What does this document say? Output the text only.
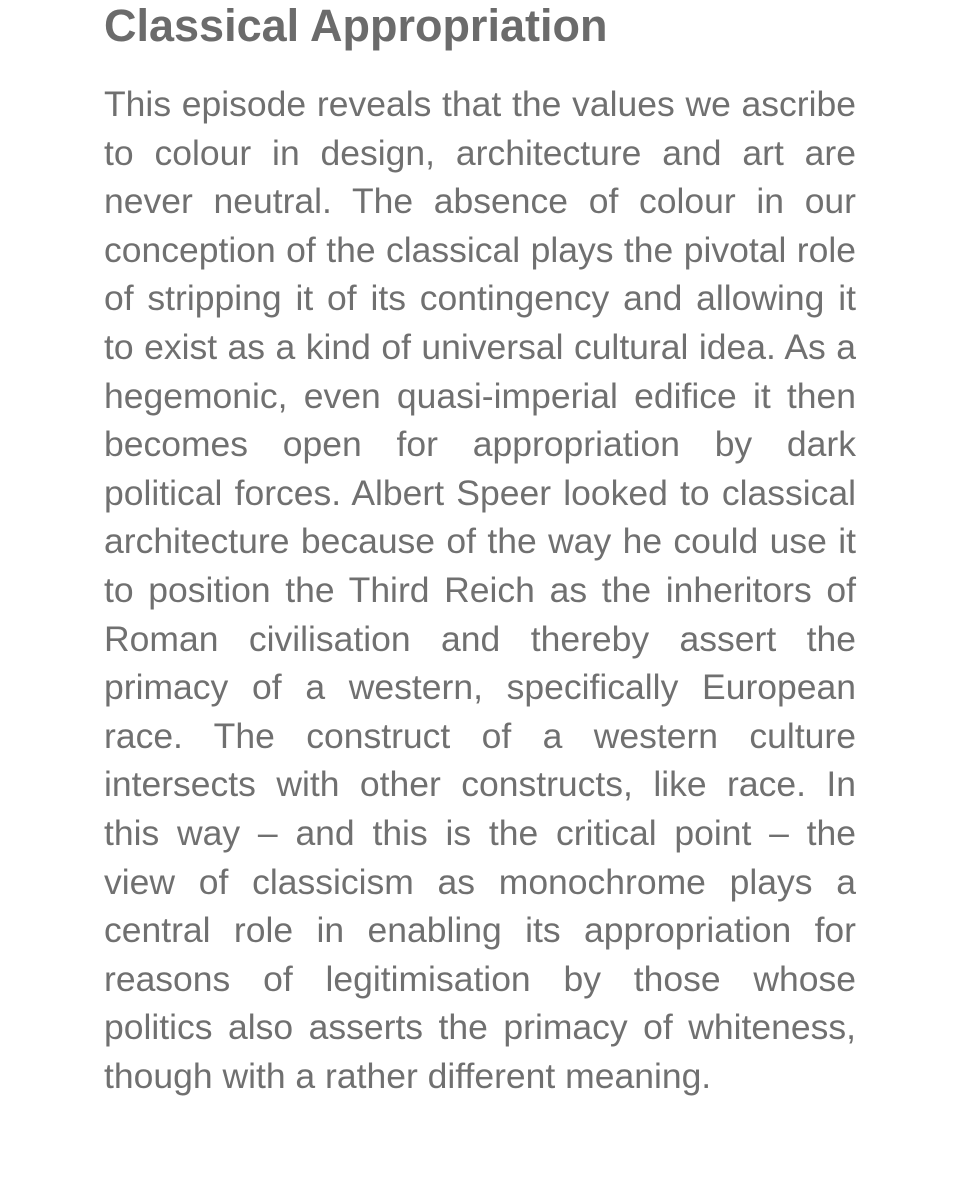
Classical Appropriation

This episode reveals that the values we ascribe to colour in design, architecture and art are never neutral. The absence of colour in our conception of the classical plays the pivotal role of stripping it of its contingency and allowing it to exist as a kind of universal cultural idea. As a hegemonic, even quasi-imperial edifice it then becomes open for appropriation by dark political forces. Albert Speer looked to classical architecture because of the way he could use it to position the Third Reich as the inheritors of Roman civilisation and thereby assert the primacy of a western, specifically European race. The construct of a western culture intersects with other constructs, like race. In this way – and this is the critical point – the view of classicism as monochrome plays a central role in enabling its appropriation for reasons of legitimisation by those whose politics also asserts the primacy of whiteness, though with a rather different meaning.
